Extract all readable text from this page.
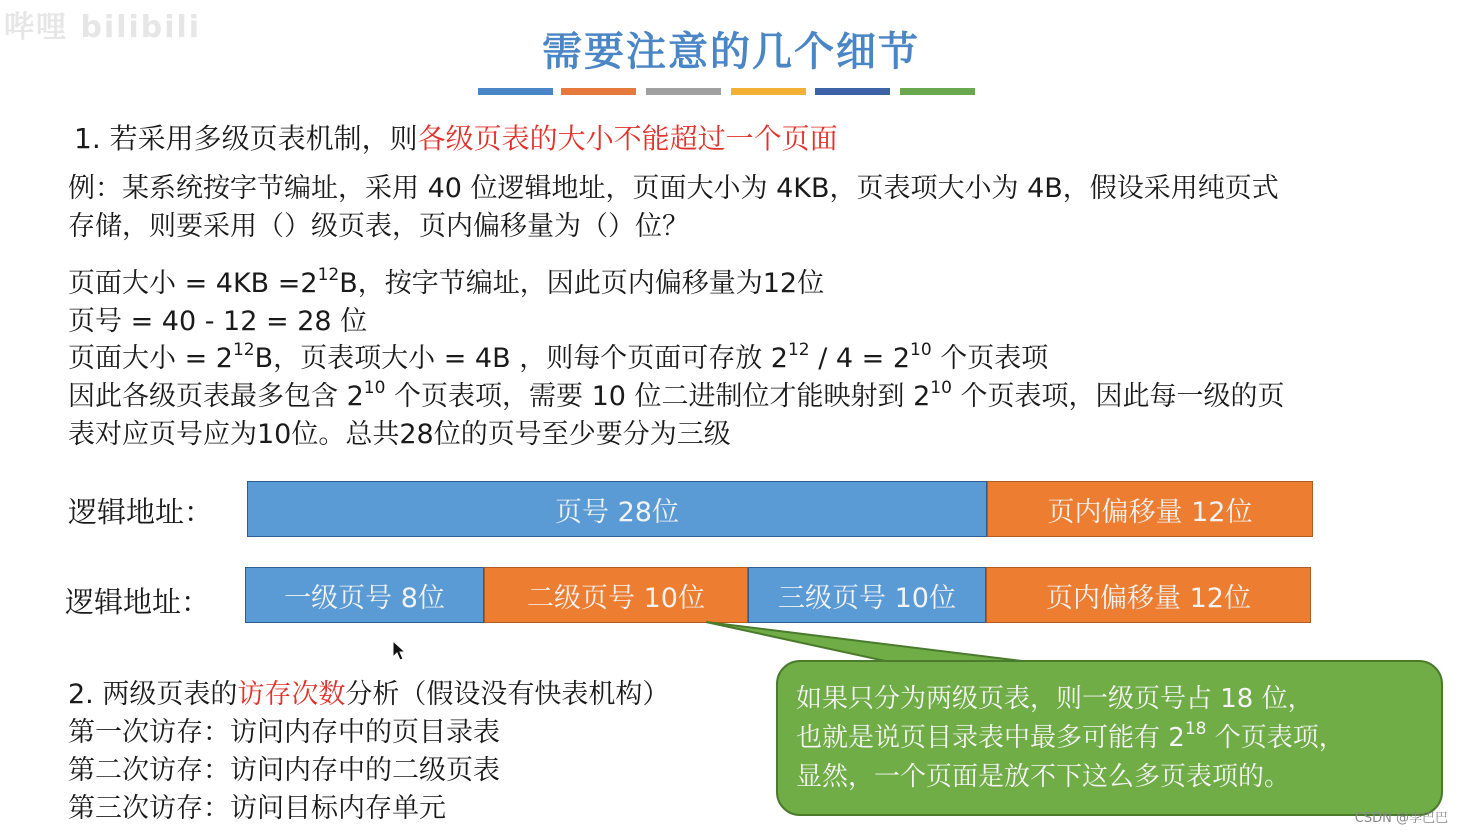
哔哩 bilibili
需要注意的几个细节
1. 若采用多级页表机制，则各级页表的大小不能超过一个页面
例：某系统按字节编址，采用 40 位逻辑地址，页面大小为 4KB，页表项大小为 4B，假设采用纯页式
存储，则要采用（）级页表，页内偏移量为（）位？
页面大小 = $4KB =2^{12}B$，按字节编址，因此页内偏移量为12位
页号 = 40 - 12 = 28 位
页面大小 = $2^{12}B$，页表项大小 = 4B ，则每个页面可存放 $2^{12} / 4 = 2^{10}$ 个页表项
因此各级页表最多包含 $2^{10}$ 个页表项，需要 10 位二进制位才能映射到 $2^{10}$ 个页表项，因此每一级的页
表对应页号应为10位。总共28位的页号至少要分为三级
逻辑地址：	页号 28位	页内偏移量 12位
逻辑地址：	一级页号 8位	二级页号 10位	三级页号 10位	页内偏移量 12位
如果只分为两级页表，则一级页号占 18 位，
也就是说页目录表中最多可能有 $2^{18}$ 个页表项，
显然，一个页面是放不下这么多页表项的。
2. 两级页表的访存次数分析（假设没有快表机构）
第一次访存：访问内存中的页目录表
第二次访存：访问内存中的二级页表
第三次访存：访问目标内存单元	CSDN @李巴巴
